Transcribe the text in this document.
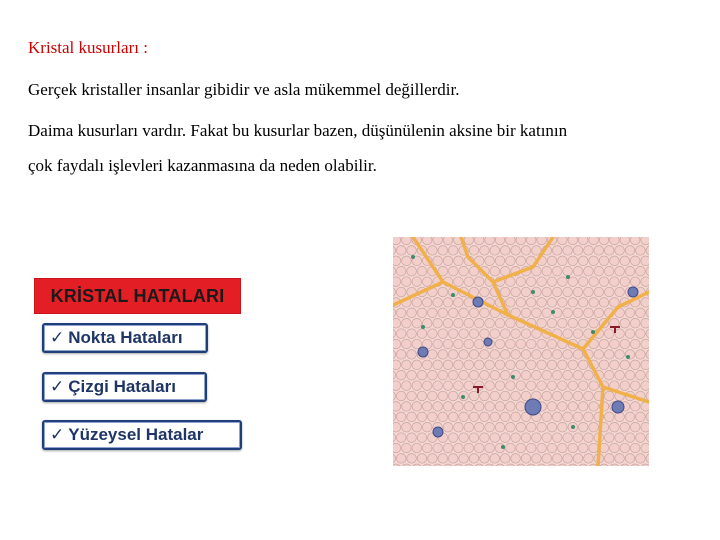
Kristal kusurları :
Gerçek kristaller insanlar gibidir ve asla mükemmel değillerdir.
Daima kusurları vardır. Fakat bu kusurlar bazen, düşünülenin aksine bir katının
çok faydalı işlevleri kazanmasına da neden olabilir.
KRİSTAL HATALARI
✓ Nokta Hataları
✓ Çizgi Hataları
✓ Yüzeysel Hatalar
